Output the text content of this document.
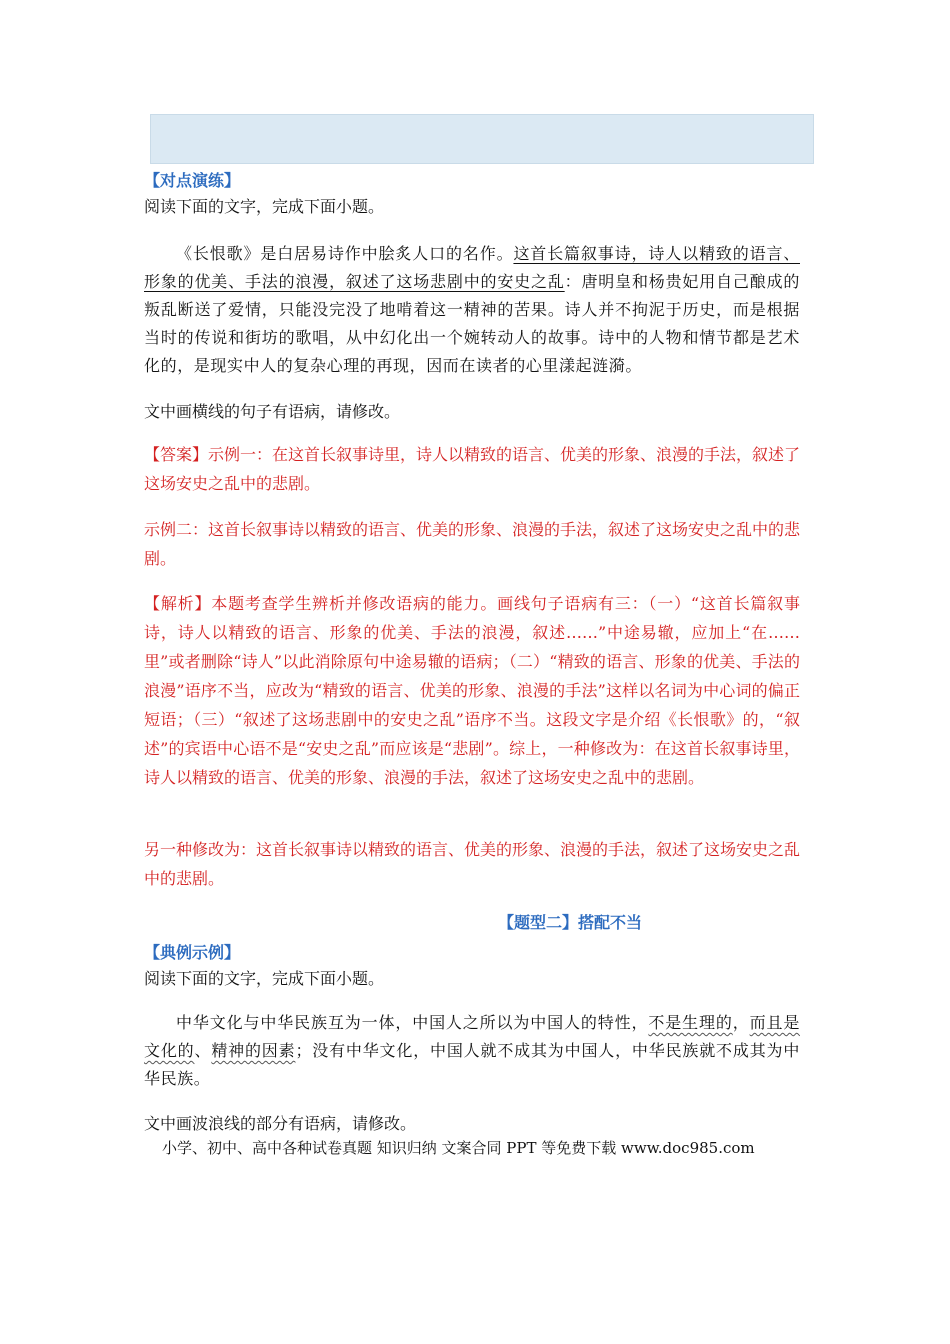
【对点演练】
阅读下面的文字，完成下面小题。
《长恨歌》是白居易诗作中脍炙人口的名作。这首长篇叙事诗，诗人以精致的语言、形象的优美、手法的浪漫，叙述了这场悲剧中的安史之乱：唐明皇和杨贵妃用自己酿成的叛乱断送了爱情，只能没完没了地啃着这一精神的苦果。诗人并不拘泥于历史，而是根据当时的传说和街坊的歌唱，从中幻化出一个婉转动人的故事。诗中的人物和情节都是艺术化的，是现实中人的复杂心理的再现，因而在读者的心里漾起涟漪。
文中画横线的句子有语病，请修改。
【答案】示例一：在这首长叙事诗里，诗人以精致的语言、优美的形象、浪漫的手法，叙述了这场安史之乱中的悲剧。
示例二：这首长叙事诗以精致的语言、优美的形象、浪漫的手法，叙述了这场安史之乱中的悲剧。
【解析】本题考查学生辨析并修改语病的能力。画线句子语病有三：（一）“这首长篇叙事诗，诗人以精致的语言、形象的优美、手法的浪漫，叙述……”中途易辙，应加上“在……里”或者删除“诗人”以此消除原句中途易辙的语病；（二）“精致的语言、形象的优美、手法的浪漫”语序不当，应改为“精致的语言、优美的形象、浪漫的手法”这样以名词为中心词的偏正短语；（三）“叙述了这场悲剧中的安史之乱”语序不当。这段文字是介绍《长恨歌》的，“叙述”的宾语中心语不是“安史之乱”而应该是“悲剧”。综上，一种修改为：在这首长叙事诗里，诗人以精致的语言、优美的形象、浪漫的手法，叙述了这场安史之乱中的悲剧。
另一种修改为：这首长叙事诗以精致的语言、优美的形象、浪漫的手法，叙述了这场安史之乱中的悲剧。
【题型二】搭配不当
【典例示例】
阅读下面的文字，完成下面小题。
中华文化与中华民族互为一体，中国人之所以为中国人的特性，不是生理的，而且是文化的、精神的因素；没有中华文化，中国人就不成其为中国人，中华民族就不成其为中华民族。
文中画波浪线的部分有语病，请修改。
小学、初中、高中各种试卷真题 知识归纳 文案合同 PPT 等免费下载 www.doc985.com
